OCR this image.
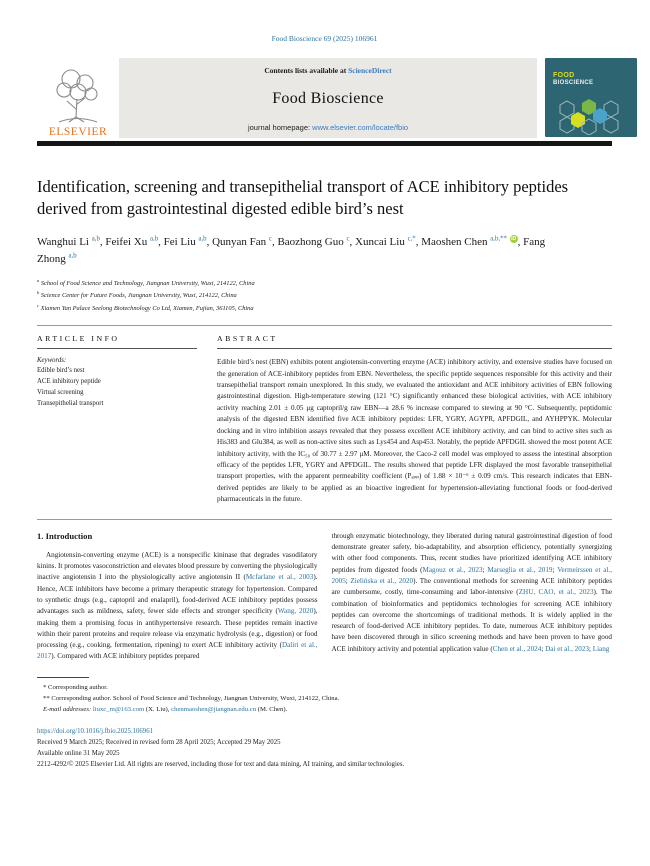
Food Bioscience 69 (2025) 106961
ELSEVIER
Contents lists available at ScienceDirect
Food Bioscience
journal homepage: www.elsevier.com/locate/fbio
FOOD
BIOSCIENCE
Identification, screening and transepithelial transport of ACE inhibitory peptides derived from gastrointestinal digested edible bird’s nest
Wanghui Li $^{a,b}$, Feifei Xu $^{a,b}$, Fei Liu $^{a,b}$, Qunyan Fan $^c$, Baozhong Guo $^c$, Xuncai Liu $^{c,*}$, Maoshen Chen $^{a,b,**}$ iD , Fang Zhong $^{a,b}$
$^a$ School of Food Science and Technology, Jiangnan University, Wuxi, 214122, China
$^b$ Science Center for Future Foods, Jiangnan University, Wuxi, 214122, China
$^c$ Xiamen Yan Palace Seelong Biotechnology Co Ltd, Xiamen, Fujian, 361105, China
ARTICLE INFO
Keywords:
Edible bird’s nest
ACE inhibitory peptide
Virtual screening
Transepithelial transport
ABSTRACT
Edible bird’s nest (EBN) exhibits potent angiotensin-converting enzyme (ACE) inhibitory activity, and extensive studies have focused on the generation of ACE-inhibitory peptides from EBN. Nevertheless, the specific peptide sequences responsible for this activity and their transepithelial transport remain unexplored. In this study, we evaluated the antioxidant and ACE inhibitory activities of EBN following gastrointestinal digestion. High-temperature stewing (121 °C) significantly enhanced these biological activities, with ACE inhibitory activity reaching 2.01 ± 0.05 μg captopril/g raw EBN—a 28.6 % increase compared to stewing at 90 °C. Subsequently, peptidomic analysis of the digested EBN identified five ACE inhibitory peptides: LFR, YGRY, AGYPR, APFDGIL, and AYHPPYK. Molecular docking and in vitro inhibition assays revealed that they possess excellent ACE inhibitory activity, and can bind to active sites such as His383 and Glu384, as well as non-active sites such as Lys454 and Asp453. Notably, the peptide APFDGIL showed the most potent ACE inhibitory activity, with the IC₅₀ of 30.77 ± 2.97 μM. Moreover, the Caco-2 cell model was employed to assess the intestinal absorption efficacy of the peptides LFR, YGRY and APFDGIL. The results showed that peptide LFR displayed the most favorable transepithelial transport properties, with the apparent permeability coefficient (Pₐₚₚ) of 1.88 × 10⁻⁶ ± 0.09 cm/s. This research indicates that EBN-derived peptides are likely to be applied as an bioactive ingredient for hypertension-alleviating functional foods or food-derived pharmaceuticals in the future.
1. Introduction

Angiotensin-converting enzyme (ACE) is a nonspecific kininase that degrades vasodilatory kinins. It promotes vasoconstriction and elevates blood pressure by converting the physiologically inactive angiotensin I into the physiologically active angiotensin II (Mcfarlane et al., 2003). Hence, ACE inhibitors have become a primary therapeutic strategy for hypertension. Compared to synthetic drugs (e.g., captopril and enalapril), food-derived ACE inhibitory peptides possess advantages such as mildness, safety, fewer side effects and stronger specificity (Wang, 2020), making them a promising focus in antihypertensive research. These peptides remain inactive within their parent proteins and require release via enzymatic hydrolysis (e.g., digestion) or food processing (e.g., cooking, fermentation, ripening) to exert ACE inhibitory activity (Daliri et al., 2017). Compared with ACE inhibitory peptides prepared

through enzymatic biotechnology, they liberated during natural gastrointestinal digestion of food demonstrate greater safety, bio-adaptability, and absorption efficiency, potentially synergizing with other food components. Thus, recent studies have prioritized identifying ACE inhibitory peptides from digested foods (Magouz et al., 2023; Marseglia et al., 2019; Vermeirssen et al., 2005; Zielińska et al., 2020). The conventional methods for screening ACE inhibitory peptides are cumbersome, costly, time-consuming and labor-intensive (ZHU, CAO, et al., 2023). The combination of bioinformatics and peptidomics technologies for screening ACE inhibitory peptides can overcome the shortcomings of traditional methods. It is widely applied in the research of food-derived ACE inhibitory peptides. To date, numerous ACE inhibitory peptides have been discovered through in silico screening methods and have been proven to have good ACE inhibitory activity and potential application value (Chen et al., 2024; Dai et al., 2023; Liang

* Corresponding author.
** Corresponding author. School of Food Science and Technology, Jiangnan University, Wuxi, 214122, China.
E-mail addresses: liuxc_m@163.com (X. Liu), chenmaoshen@jiangnan.edu.cn (M. Chen).
https://doi.org/10.1016/j.fbio.2025.106961
Received 9 March 2025; Received in revised form 28 April 2025; Accepted 29 May 2025
Available online 31 May 2025
2212-4292/© 2025 Elsevier Ltd. All rights are reserved, including those for text and data mining, AI training, and similar technologies.
